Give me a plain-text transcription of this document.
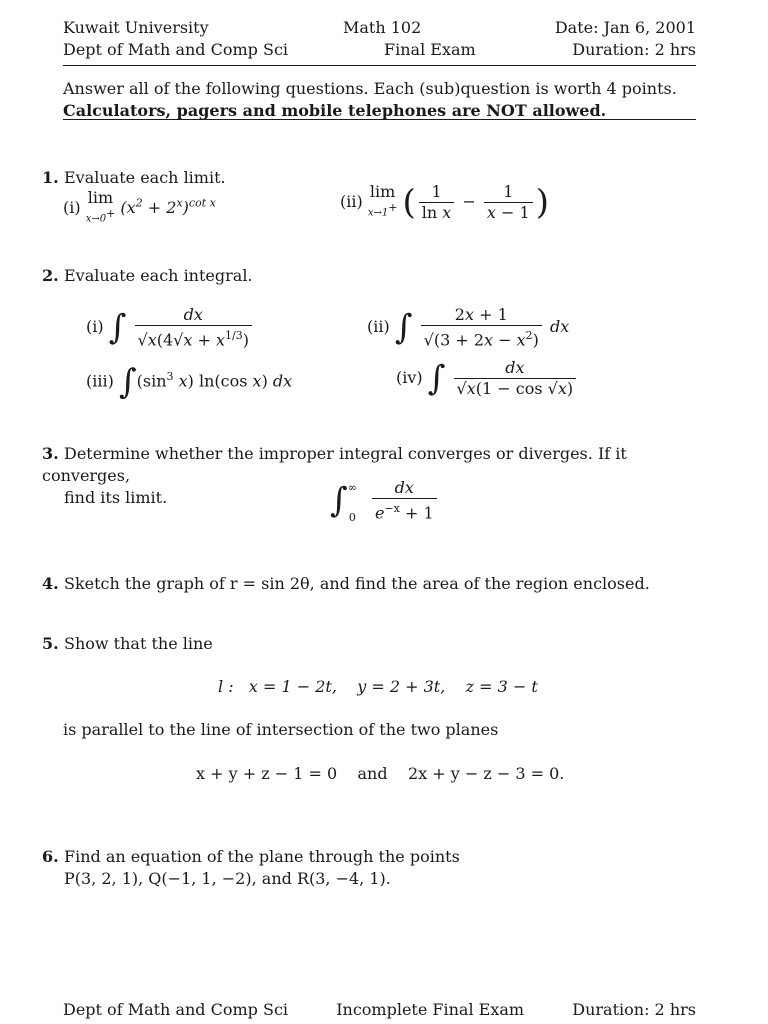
Kuwait University	Math 102	Date: Jan 6, 2001
Dept of Math and Comp Sci	Final Exam	Duration: 2 hrs
Answer all of the following questions. Each (sub)question is worth 4 points.
Calculators, pagers and mobile telephones are NOT allowed.
1. Evaluate each limit.
(i)
lim
x→0+ $(x^2 + 2^x)^{cot x}$	(ii)
lim
x→1+ ( $\frac{1}{\text{ln x}} - \frac{1}{x - 1}$ )
2. Evaluate each integral.
(i) ∫ $\frac{dx}{√x(4√x + x^{1/3})}$	(ii) ∫ $\frac{2x + 1}{√(3 + 2x - x^2)}$ dx
(iii) $\int(\sin^3$ x) ln(cos x) dx	(iv) ∫ $\frac{dx}{√x(1 - \cos √x)}$
3. Determine whether the improper integral converges or diverges. If it converges,
find its limit.	$\int^\infty_0 \frac{dx}{e^{-x} + 1}$
4. Sketch the graph of r = sin 2θ, and find the area of the region enclosed.
5. Show that the line
l :   x = 1 − 2t,    y = 2 + 3t,    z = 3 − t
is parallel to the line of intersection of the two planes
x + y + z − 1 = 0    and    2x + y − z − 3 = 0.
6. Find an equation of the plane through the points
P(3, 2, 1), Q(−1, 1, −2), and R(3, −4, 1).
Dept of Math and Comp Sci	Incomplete Final Exam	Duration: 2 hrs
